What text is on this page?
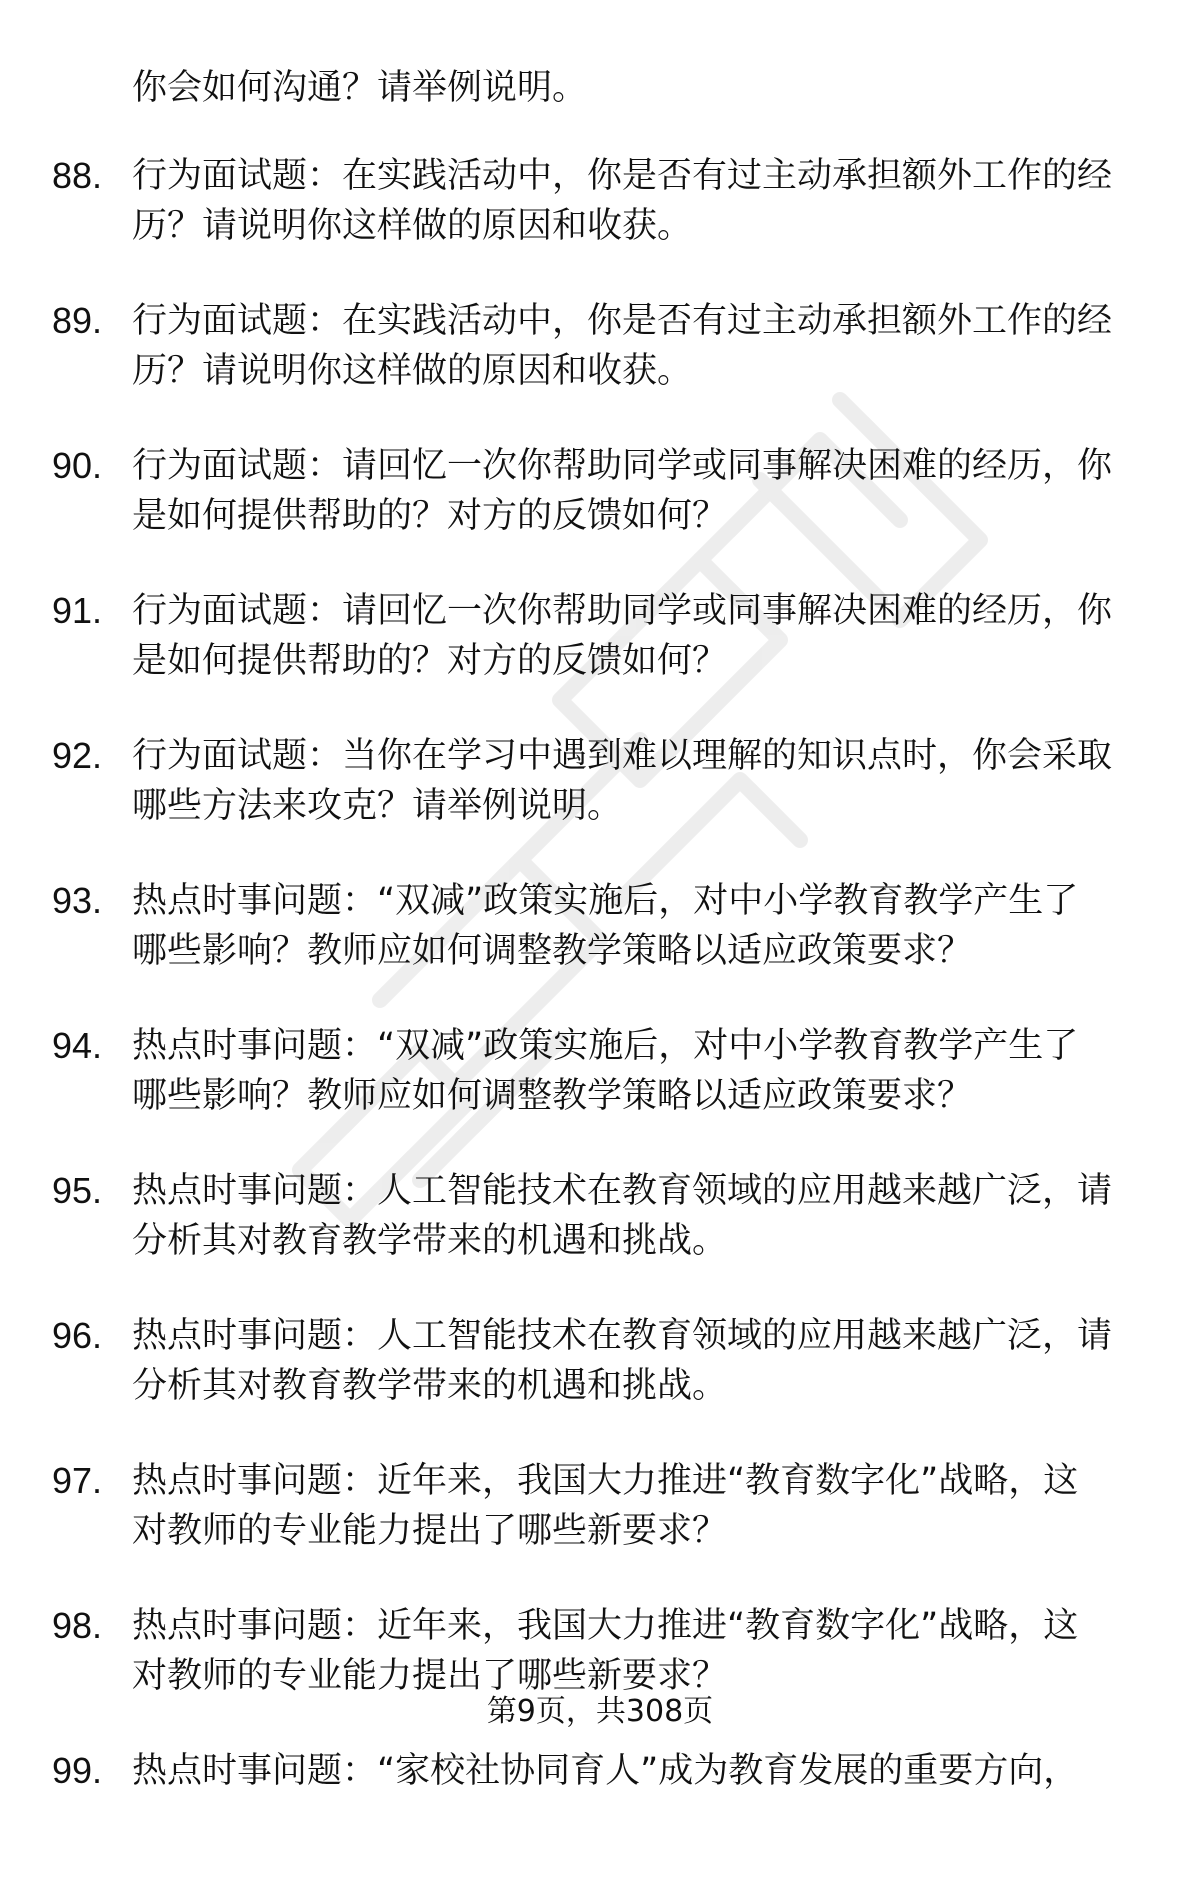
你会如何沟通？请举例说明。
88. 行为面试题：在实践活动中，你是否有过主动承担额外工作的经
历？请说明你这样做的原因和收获。
89. 行为面试题：在实践活动中，你是否有过主动承担额外工作的经
历？请说明你这样做的原因和收获。
90. 行为面试题：请回忆一次你帮助同学或同事解决困难的经历，你
是如何提供帮助的？对方的反馈如何？
91. 行为面试题：请回忆一次你帮助同学或同事解决困难的经历，你
是如何提供帮助的？对方的反馈如何？
92. 行为面试题：当你在学习中遇到难以理解的知识点时，你会采取
哪些方法来攻克？请举例说明。
93. 热点时事问题：“双减”政策实施后，对中小学教育教学产生了
哪些影响？教师应如何调整教学策略以适应政策要求？
94. 热点时事问题：“双减”政策实施后，对中小学教育教学产生了
哪些影响？教师应如何调整教学策略以适应政策要求？
95. 热点时事问题：人工智能技术在教育领域的应用越来越广泛，请
分析其对教育教学带来的机遇和挑战。
96. 热点时事问题：人工智能技术在教育领域的应用越来越广泛，请
分析其对教育教学带来的机遇和挑战。
97. 热点时事问题：近年来，我国大力推进“教育数字化”战略，这
对教师的专业能力提出了哪些新要求？
98. 热点时事问题：近年来，我国大力推进“教育数字化”战略，这
对教师的专业能力提出了哪些新要求？
99. 热点时事问题：“家校社协同育人”成为教育发展的重要方向，
第9页，共308页
